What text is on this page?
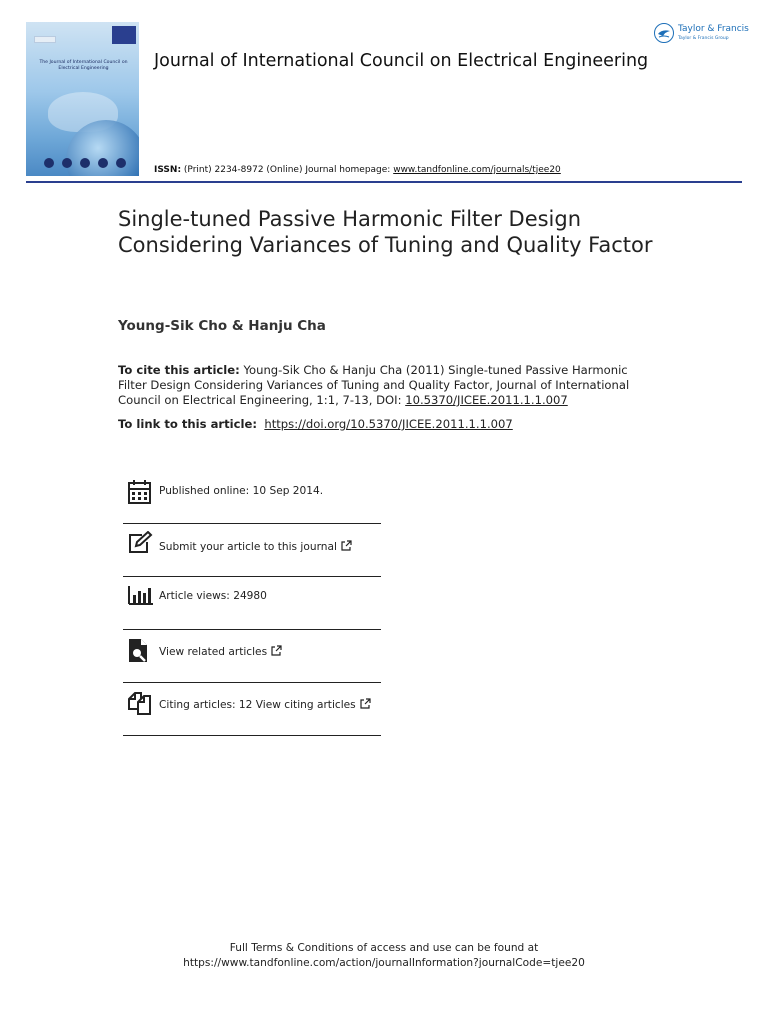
The Journal of International Council on Electrical Engineering	Journal of International Council on Electrical Engineering
ISSN: (Print) 2234-8972 (Online) Journal homepage: www.tandfonline.com/journals/tjee20
Taylor & Francis
Taylor & Francis Group
Single-tuned Passive Harmonic Filter Design Considering Variances of Tuning and Quality Factor
Young-Sik Cho & Hanju Cha
To cite this article: Young-Sik Cho & Hanju Cha (2011) Single-tuned Passive Harmonic Filter Design Considering Variances of Tuning and Quality Factor, Journal of International Council on Electrical Engineering, 1:1, 7-13, DOI: 10.5370/JICEE.2011.1.1.007
To link to this article: https://doi.org/10.5370/JICEE.2011.1.1.007
Published online: 10 Sep 2014.
Submit your article to this journal
Article views: 24980
View related articles
Citing articles: 12 View citing articles
Full Terms & Conditions of access and use can be found at
https://www.tandfonline.com/action/journalInformation?journalCode=tjee20
